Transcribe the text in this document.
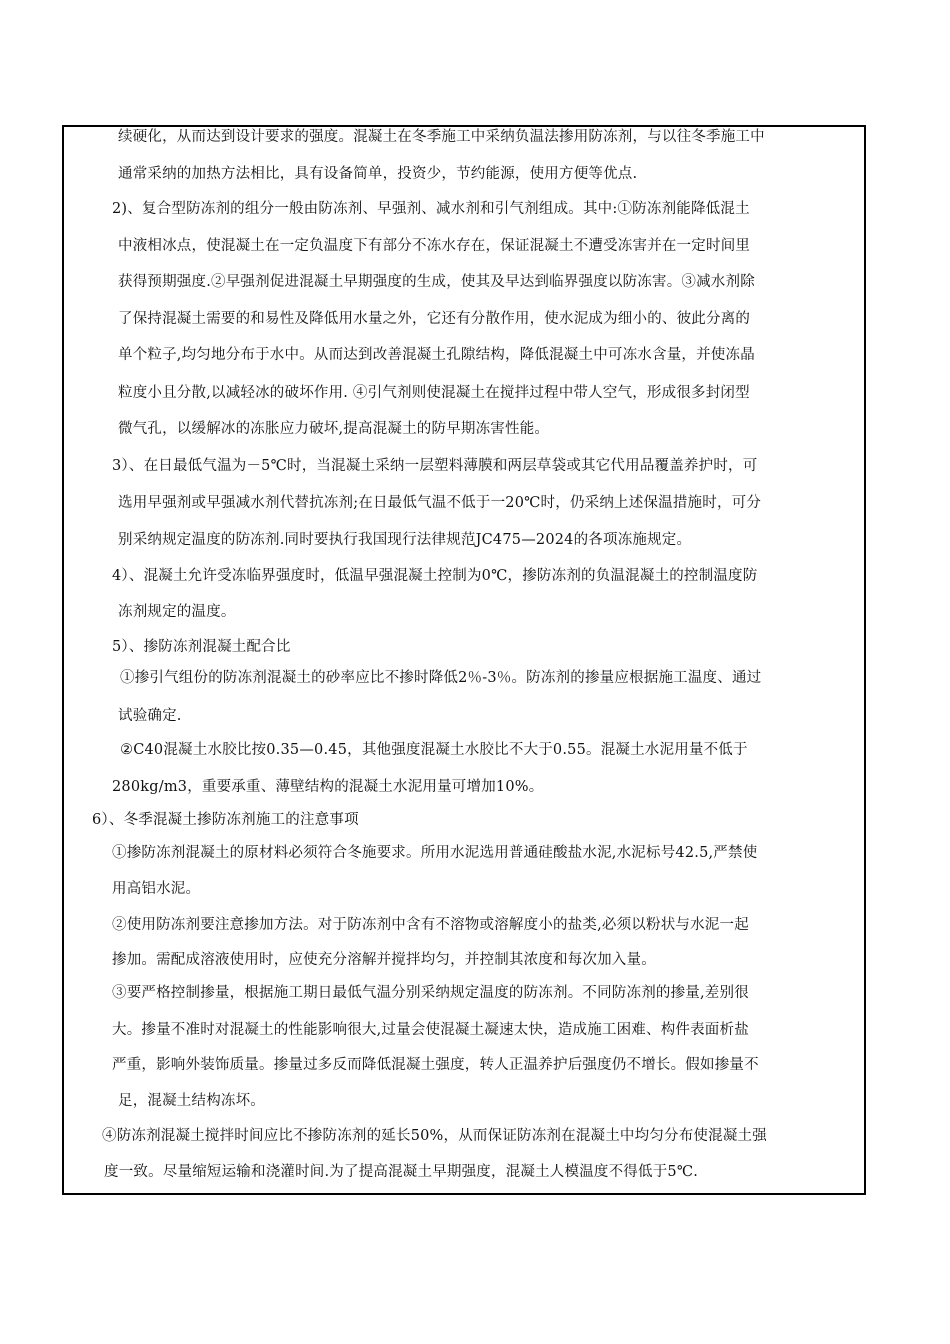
续硬化，从而达到设计要求的强度。混凝土在冬季施工中采纳负温法掺用防冻剂，与以往冬季施工中
通常采纳的加热方法相比，具有设备简单，投资少，节约能源，使用方便等优点.
2)、复合型防冻剂的组分一般由防冻剂、早强剂、减水剂和引气剂组成。其中:①防冻剂能降低混土
中液相冰点，使混凝土在一定负温度下有部分不冻水存在，保证混凝土不遭受冻害并在一定时间里
获得预期强度.②早强剂促进混凝土早期强度的生成，使其及早达到临界强度以防冻害。③减水剂除
了保持混凝土需要的和易性及降低用水量之外，它还有分散作用，使水泥成为细小的、彼此分离的
单个粒子,均匀地分布于水中。从而达到改善混凝土孔隙结构，降低混凝土中可冻水含量，并使冻晶
粒度小且分散,以减轻冰的破坏作用. ④引气剂则使混凝土在搅拌过程中带人空气，形成很多封闭型
微气孔，以缓解冰的冻胀应力破坏,提高混凝土的防早期冻害性能。
3）、在日最低气温为－5℃时，当混凝土采纳一层塑料薄膜和两层草袋或其它代用品覆盖养护时，可
选用早强剂或早强减水剂代替抗冻剂;在日最低气温不低于一20℃时，仍采纳上述保温措施时，可分
别采纳规定温度的防冻剂.同时要执行我国现行法律规范JC475—2024的各项冻施规定。
4）、混凝土允许受冻临界强度时，低温早强混凝土控制为0℃，掺防冻剂的负温混凝土的控制温度防
冻剂规定的温度。
5）、掺防冻剂混凝土配合比
①掺引气组份的防冻剂混凝土的砂率应比不掺时降低2％-3％。防冻剂的掺量应根据施工温度、通过
试验确定.
②C40混凝土水胶比按0.35—0.45，其他强度混凝土水胶比不大于0.55。混凝土水泥用量不低于
280kg/m3，重要承重、薄壁结构的混凝土水泥用量可增加10%。
6）、冬季混凝土掺防冻剂施工的注意事项
①掺防冻剂混凝土的原材料必须符合冬施要求。所用水泥选用普通硅酸盐水泥,水泥标号42.5,严禁使
用高铝水泥。
②使用防冻剂要注意掺加方法。对于防冻剂中含有不溶物或溶解度小的盐类,必须以粉状与水泥一起
掺加。需配成溶液使用时，应使充分溶解并搅拌均匀，并控制其浓度和每次加入量。
③要严格控制掺量，根据施工期日最低气温分别采纳规定温度的防冻剂。不同防冻剂的掺量,差别很
大。掺量不准时对混凝土的性能影响很大,过量会使混凝土凝速太快，造成施工困难、构件表面析盐
严重，影响外装饰质量。掺量过多反而降低混凝土强度，转人正温养护后强度仍不增长。假如掺量不
足，混凝土结构冻坏。
④防冻剂混凝土搅拌时间应比不掺防冻剂的延长50%，从而保证防冻剂在混凝土中均匀分布使混凝土强
度一致。尽量缩短运输和浇灌时间.为了提高混凝土早期强度，混凝土人模温度不得低于5℃.
